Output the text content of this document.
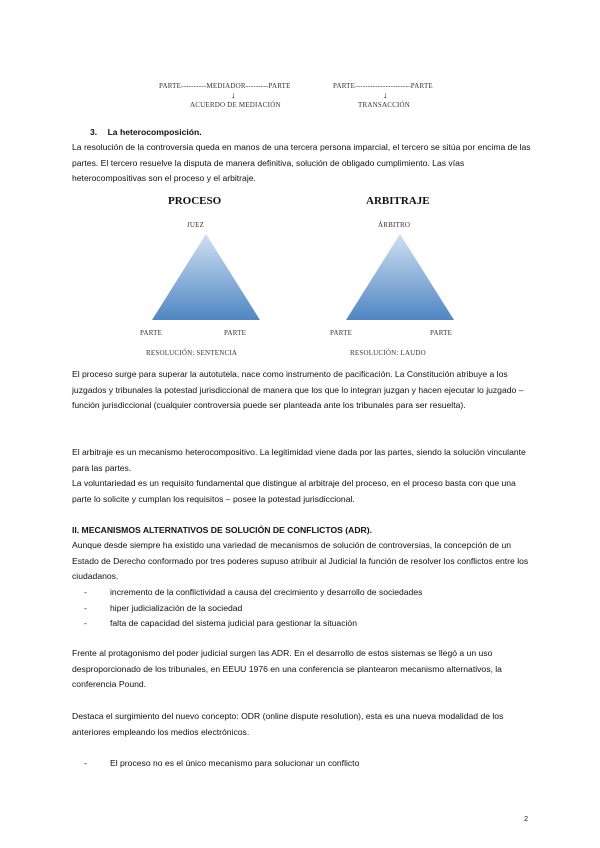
PARTE----------MEDIADOR---------PARTE
↓
ACUERDO DE MEDIACIÓN
PARTE----------------------PARTE
↓
TRANSACCIÓN
3. La heterocomposición.

La resolución de la controversia queda en manos de una tercera persona imparcial, el tercero se sitúa por encima de las partes. El tercero resuelve la disputa de manera definitiva, solución de obligado cumplimiento. Las vías heterocompositivas son el proceso y el arbitraje.

PROCESO
JUEZ
PARTE	PARTE
RESOLUCIÓN: SENTENCIA
ARBITRAJE
ÁRBITRO
PARTE	PARTE
RESOLUCIÓN: LAUDO

El proceso surge para superar la autotutela, nace como instrumento de pacificación. La Constitución atribuye a los juzgados y tribunales la potestad jurisdiccional de manera que los que lo integran juzgan y hacen ejecutar lo juzgado – función jurisdiccional (cualquier controversia puede ser planteada ante los tribunales para ser resuelta).

El arbitraje es un mecanismo heterocompositivo. La legitimidad viene dada por las partes, siendo la solución vinculante para las partes.

La voluntariedad es un requisito fundamental que distingue al arbitraje del proceso, en el proceso basta con que una parte lo solicite y cumplan los requisitos – posee la potestad jurisdiccional.

II. MECANISMOS ALTERNATIVOS DE SOLUCIÓN DE CONFLICTOS (ADR).

Aunque desde siempre ha existido una variedad de mecanismos de solución de controversias, la concepción de un Estado de Derecho conformado por tres poderes supuso atribuir al Judicial la función de resolver los conflictos entre los ciudadanos.

-	incremento de la conflictividad a causa del crecimiento y desarrollo de sociedades
-	hiper judicialización de la sociedad
-	falta de capacidad del sistema judicial para gestionar la situación

Frente al protagonismo del poder judicial surgen las ADR. En el desarrollo de estos sistemas se llegó a un uso desproporcionado de los tribunales, en EEUU 1976 en una conferencia se plantearon mecanismo alternativos, la conferencia Pound.

Destaca el surgimiento del nuevo concepto: ODR (online dispute resolution), esta es una nueva modalidad de los anteriores empleando los medios electrónicos.

-	El proceso no es el único mecanismo para solucionar un conflicto
2
